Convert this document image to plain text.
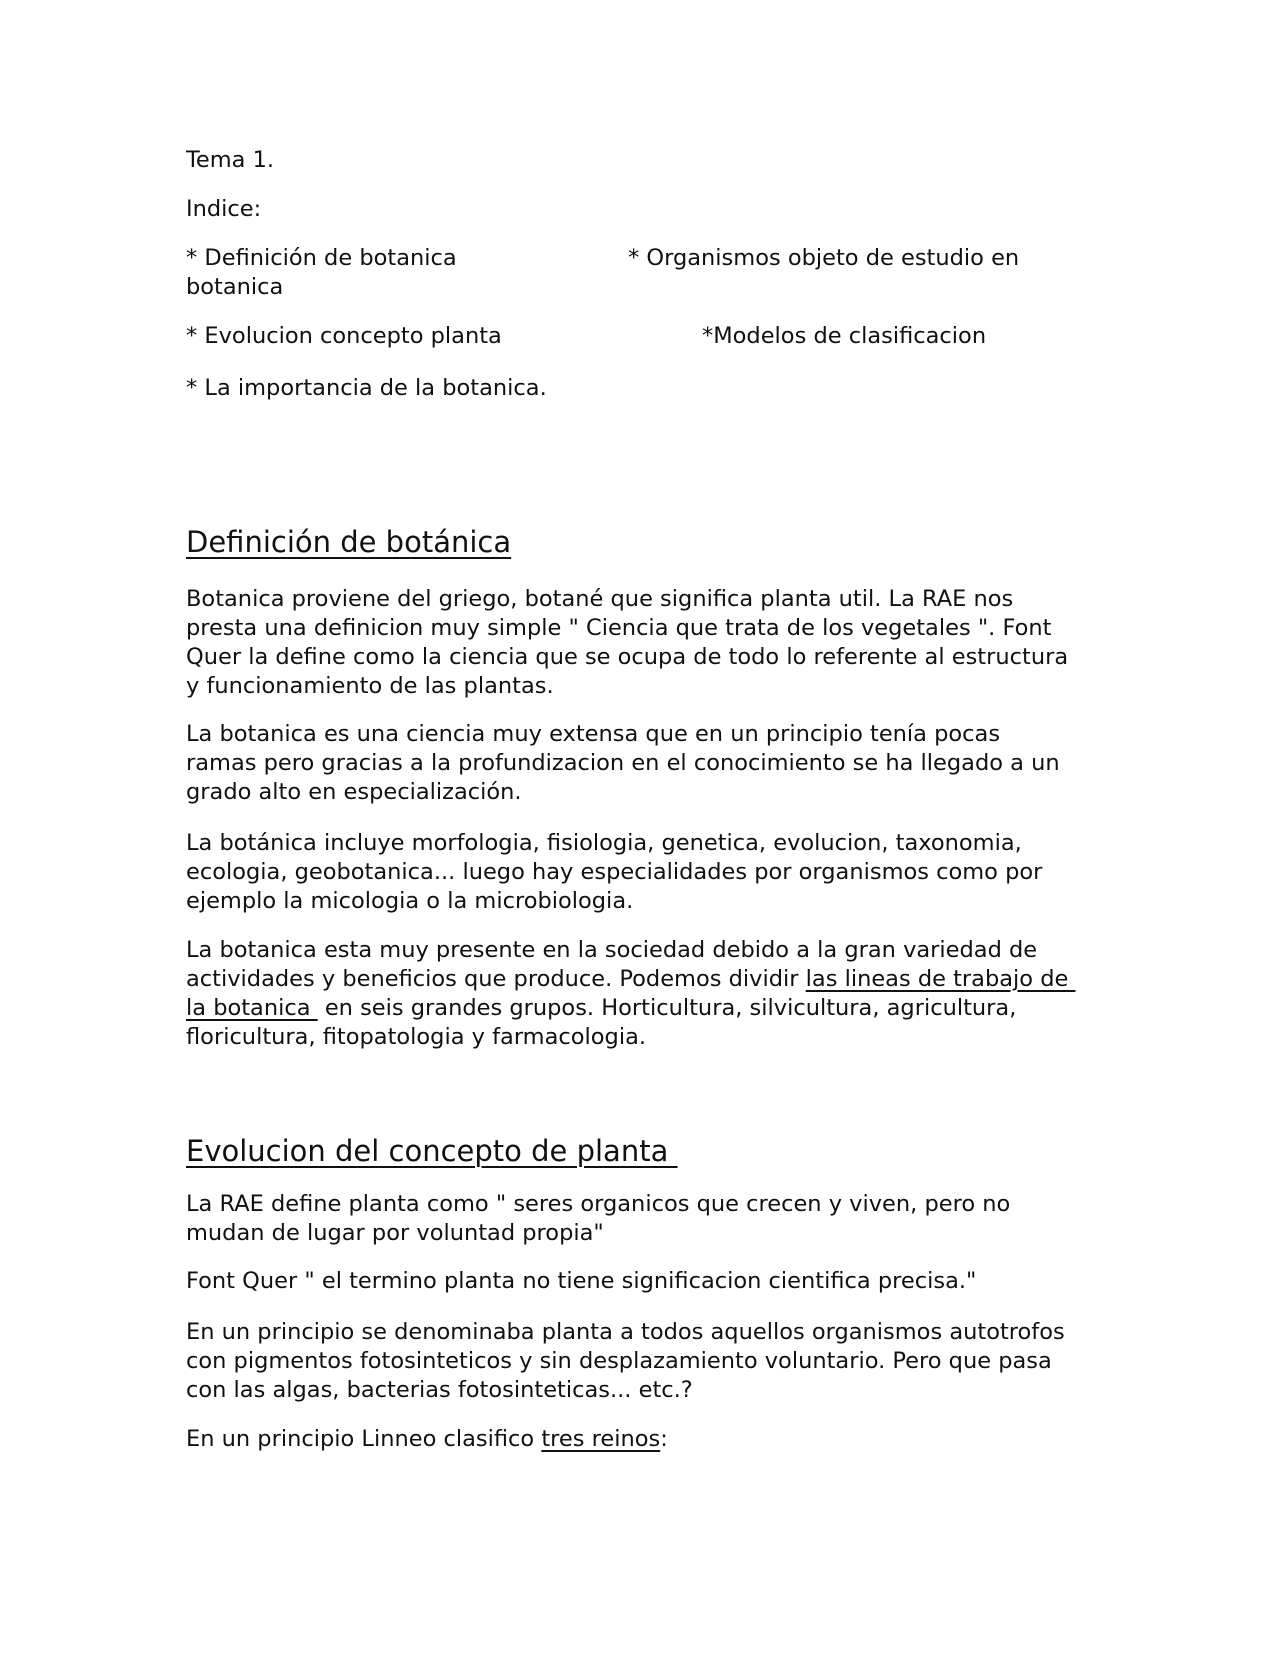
Tema 1.

Indice:

* Definición de botanica	* Organismos objeto de estudio en

botanica

* Evolucion concepto planta	*Modelos de clasificacion

* La importancia de la botanica.

Definición de botánica
Botanica proviene del griego, botané que significa planta util. La RAE nos
presta una definicion muy simple " Ciencia que trata de los vegetales ". Font
Quer la define como la ciencia que se ocupa de todo lo referente al estructura
y funcionamiento de las plantas.
La botanica es una ciencia muy extensa que en un principio tenía pocas
ramas pero gracias a la profundizacion en el conocimiento se ha llegado a un
grado alto en especialización.
La botánica incluye morfologia, fisiologia, genetica, evolucion, taxonomia,
ecologia, geobotanica... luego hay especialidades por organismos como por
ejemplo la micologia o la microbiologia.
La botanica esta muy presente en la sociedad debido a la gran variedad de
actividades y beneficios que produce. Podemos dividir las lineas de trabajo de
la botanica  en seis grandes grupos. Horticultura, silvicultura, agricultura,
floricultura, fitopatologia y farmacologia.
Evolucion del concepto de planta
La RAE define planta como " seres organicos que crecen y viven, pero no
mudan de lugar por voluntad propia"

Font Quer " el termino planta no tiene significacion cientifica precisa."

En un principio se denominaba planta a todos aquellos organismos autotrofos
con pigmentos fotosinteticos y sin desplazamiento voluntario. Pero que pasa
con las algas, bacterias fotosinteticas... etc.?

En un principio Linneo clasifico tres reinos:
